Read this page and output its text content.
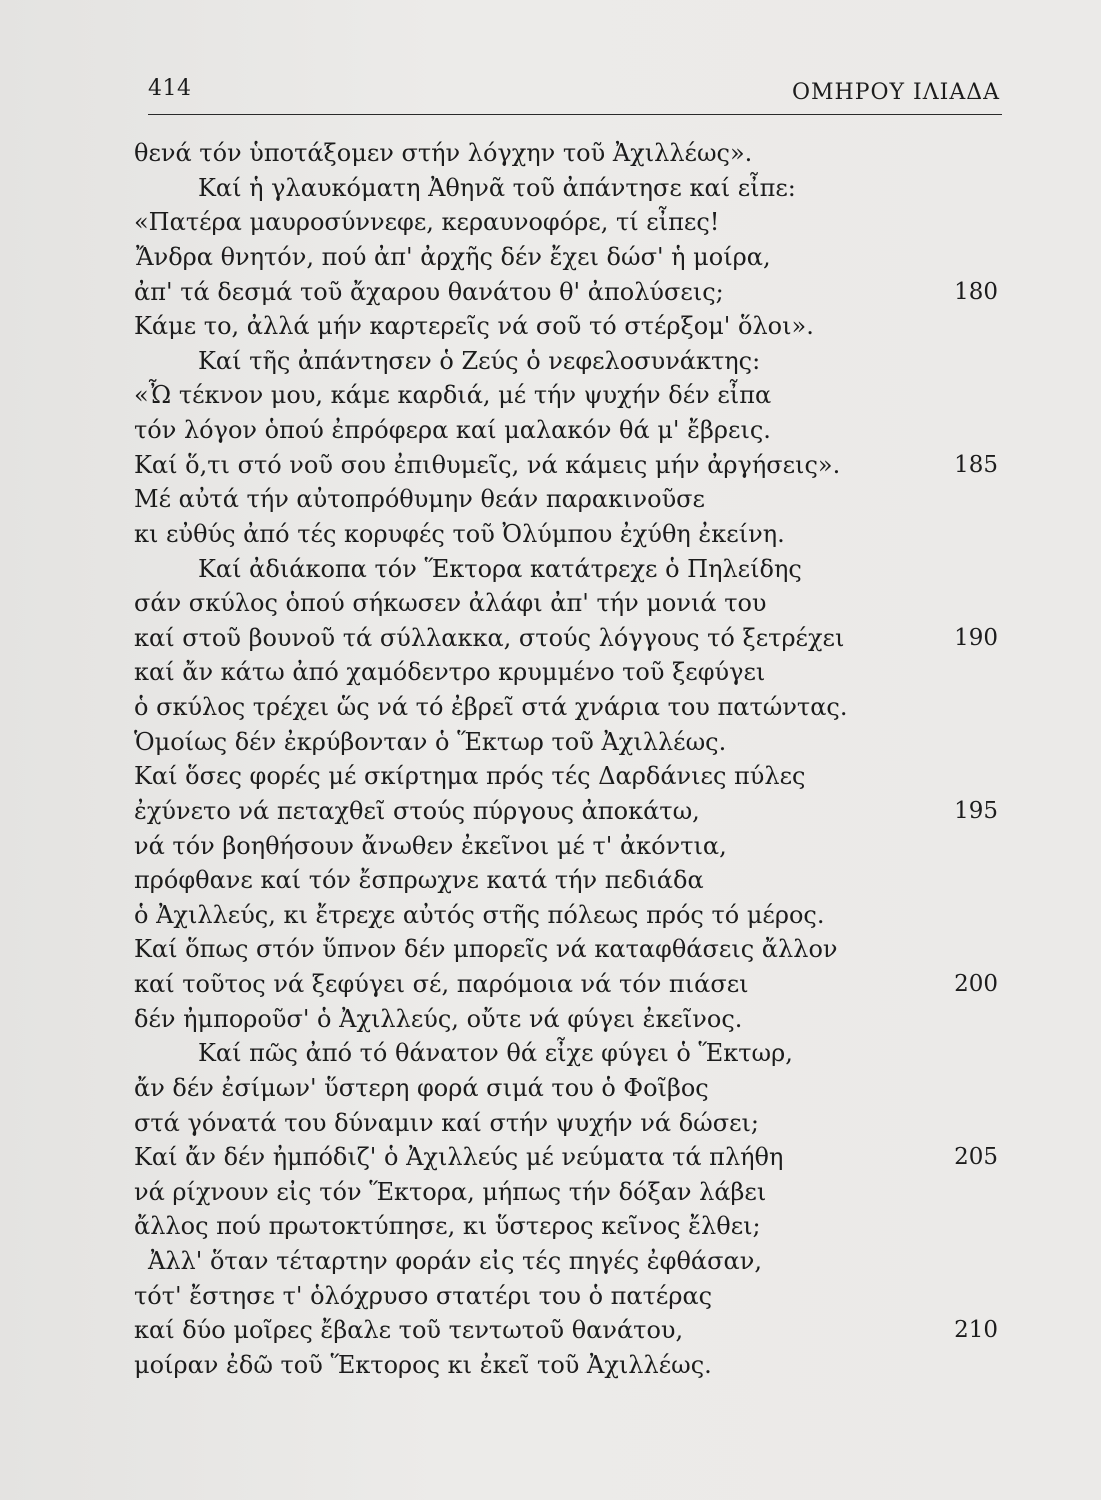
414	ΟΜΗΡΟΥ ΙΛΙΑΔΑ
θενά τόν ὑποτάξομεν στήν λόγχην τοῦ Ἀχιλλέως».
Καί ἡ γλαυκόματη Ἀθηνᾶ τοῦ ἀπάντησε καί εἶπε:
«Πατέρα μαυροσύννεφε, κεραυνοφόρε, τί εἶπες!
Ἄνδρα θνητόν, πού ἀπ' ἀρχῆς δέν ἔχει δώσ' ἡ μοίρα,
ἀπ' τά δεσμά τοῦ ἄχαρου θανάτου θ' ἀπολύσεις;	180
Κάμε το, ἀλλά μήν καρτερεῖς νά σοῦ τό στέρξομ' ὅλοι».
Καί τῆς ἀπάντησεν ὁ Ζεύς ὁ νεφελοσυνάκτης:
«Ὦ τέκνον μου, κάμε καρδιά, μέ τήν ψυχήν δέν εἶπα
τόν λόγον ὁπού ἐπρόφερα καί μαλακόν θά μ' ἔβρεις.
Καί ὅ,τι στό νοῦ σου ἐπιθυμεῖς, νά κάμεις μήν ἀργήσεις».	185
Μέ αὐτά τήν αὐτοπρόθυμην θεάν παρακινοῦσε
κι εὐθύς ἀπό τές κορυφές τοῦ Ὀλύμπου ἐχύθη ἐκείνη.
Καί ἀδιάκοπα τόν Ἕκτορα κατάτρεχε ὁ Πηλείδης
σάν σκύλος ὁπού σήκωσεν ἀλάφι ἀπ' τήν μονιά του
καί στοῦ βουνοῦ τά σύλλακκα, στούς λόγγους τό ξετρέχει	190
καί ἄν κάτω ἀπό χαμόδεντρο κρυμμένο τοῦ ξεφύγει
ὁ σκύλος τρέχει ὥς νά τό ἐβρεῖ στά χνάρια του πατώντας.
Ὁμοίως δέν ἐκρύβονταν ὁ Ἕκτωρ τοῦ Ἀχιλλέως.
Καί ὅσες φορές μέ σκίρτημα πρός τές Δαρδάνιες πύλες
ἐχύνετο νά πεταχθεῖ στούς πύργους ἀποκάτω,	195
νά τόν βοηθήσουν ἄνωθεν ἐκεῖνοι μέ τ' ἀκόντια,
πρόφθανε καί τόν ἔσπρωχνε κατά τήν πεδιάδα
ὁ Ἀχιλλεύς, κι ἔτρεχε αὐτός στῆς πόλεως πρός τό μέρος.
Καί ὅπως στόν ὕπνον δέν μπορεῖς νά καταφθάσεις ἄλλον
καί τοῦτος νά ξεφύγει σέ, παρόμοια νά τόν πιάσει	200
δέν ἠμποροῦσ' ὁ Ἀχιλλεύς, οὔτε νά φύγει ἐκεῖνος.
Καί πῶς ἀπό τό θάνατον θά εἶχε φύγει ὁ Ἕκτωρ,
ἄν δέν ἐσίμων' ὕστερη φορά σιμά του ὁ Φοῖβος
στά γόνατά του δύναμιν καί στήν ψυχήν νά δώσει;
Καί ἄν δέν ἠμπόδιζ' ὁ Ἀχιλλεύς μέ νεύματα τά πλήθη	205
νά ρίχνουν εἰς τόν Ἕκτορα, μήπως τήν δόξαν λάβει
ἄλλος πού πρωτοκτύπησε, κι ὕστερος κεῖνος ἔλθει;
Ἀλλ' ὅταν τέταρτην φοράν εἰς τές πηγές ἐφθάσαν,
τότ' ἔστησε τ' ὁλόχρυσο στατέρι του ὁ πατέρας
καί δύο μοῖρες ἔβαλε τοῦ τεντωτοῦ θανάτου,	210
μοίραν ἐδῶ τοῦ Ἕκτορος κι ἐκεῖ τοῦ Ἀχιλλέως.
